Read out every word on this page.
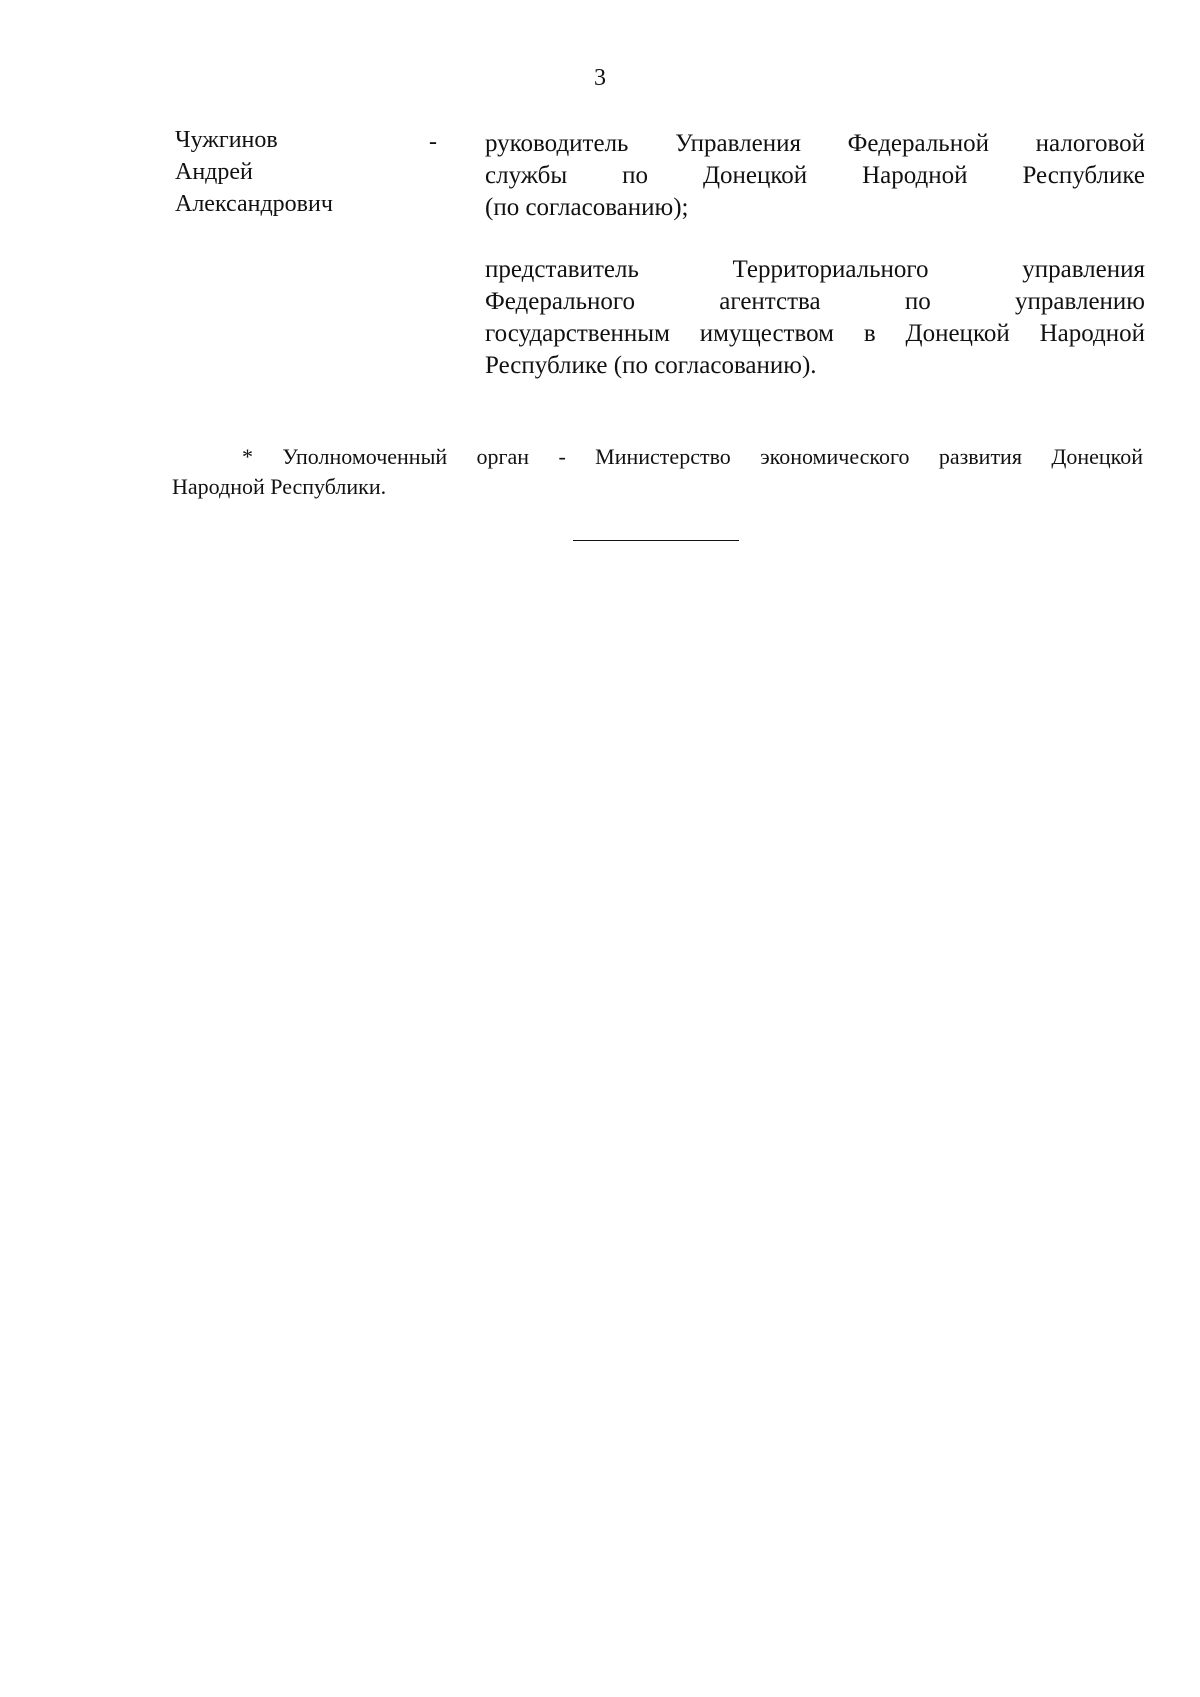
3
Чужгинов
Андрей
Александрович
- руководитель Управления Федеральной налоговой
службы по Донецкой Народной Республике
(по согласованию);
представитель Территориального управления
Федерального агентства по управлению
государственным имуществом в Донецкой Народной
Республике (по согласованию).
* Уполномоченный орган - Министерство экономического развития Донецкой
Народной Республики.
